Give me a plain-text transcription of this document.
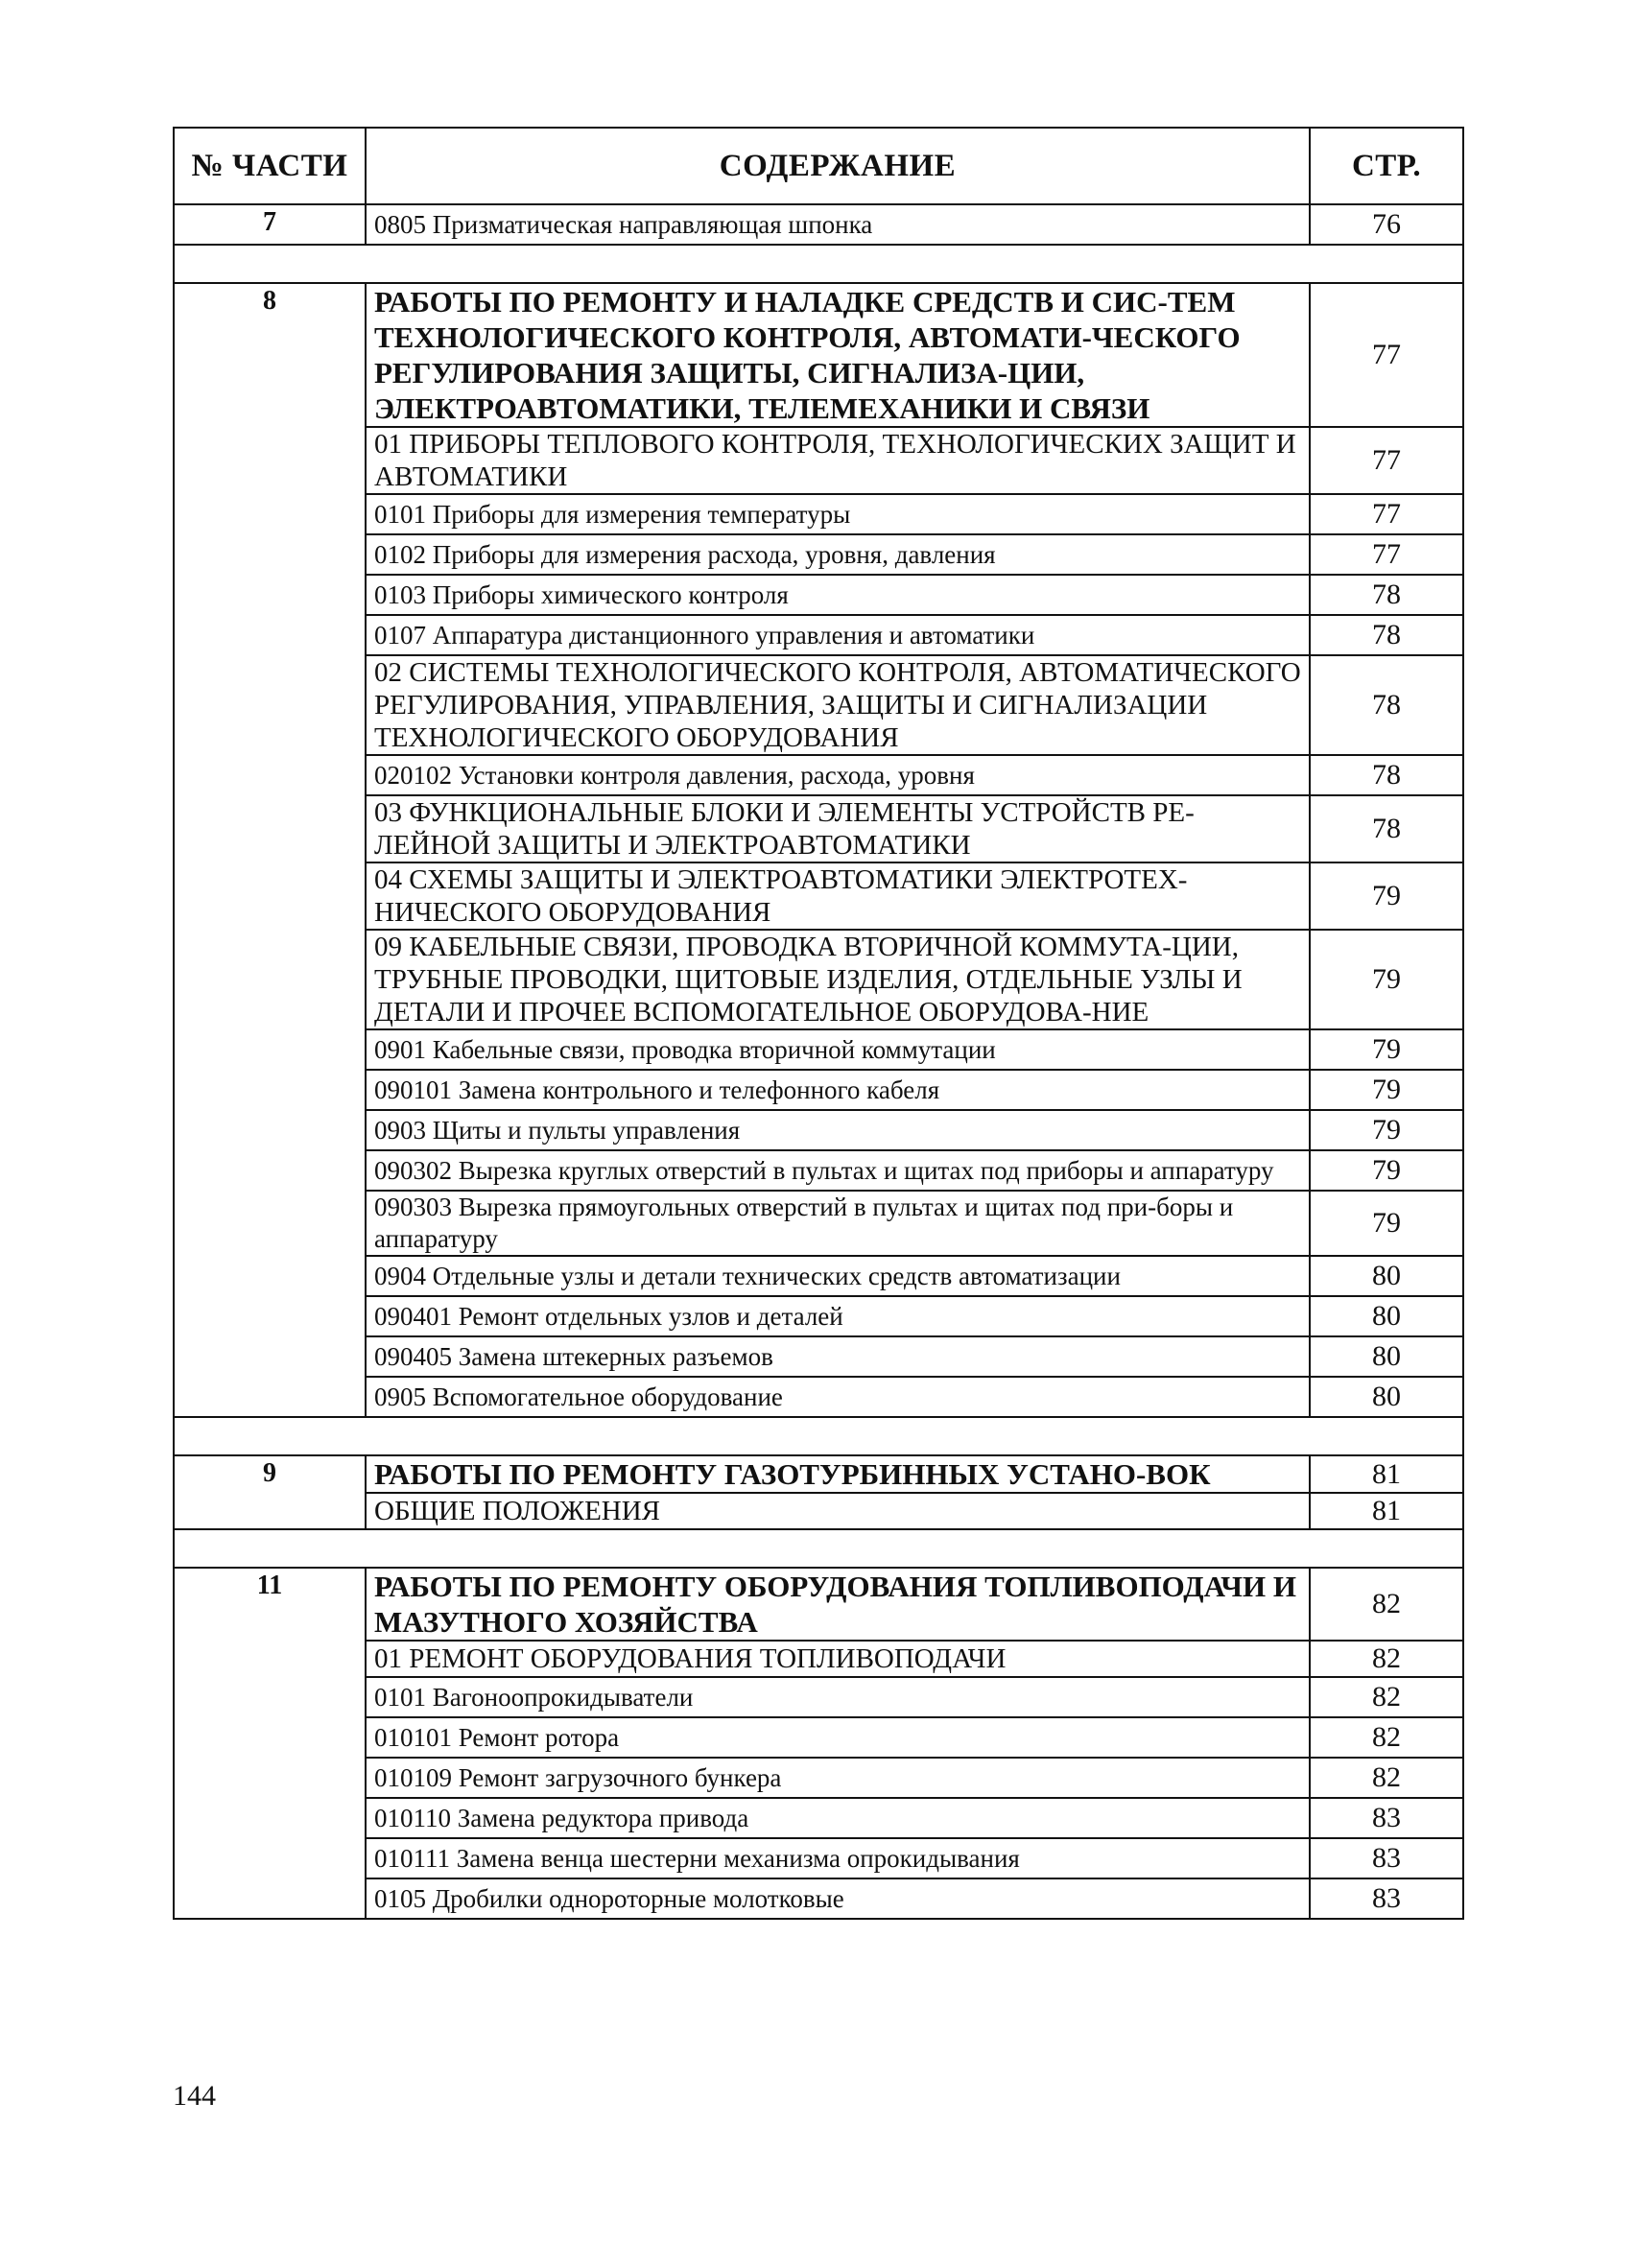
№ ЧАСТИ	СОДЕРЖАНИЕ	СТР.
7	0805 Призматическая направляющая шпонка	76

8	РАБОТЫ ПО РЕМОНТУ И НАЛАДКЕ СРЕДСТВ И СИС-ТЕМ ТЕХНОЛОГИЧЕСКОГО КОНТРОЛЯ, АВТОМАТИ-ЧЕСКОГО РЕГУЛИРОВАНИЯ ЗАЩИТЫ, СИГНАЛИЗА-ЦИИ, ЭЛЕКТРОАВТОМАТИКИ, ТЕЛЕМЕХАНИКИ И СВЯЗИ	77
	01 ПРИБОРЫ ТЕПЛОВОГО КОНТРОЛЯ, ТЕХНОЛОГИЧЕСКИХ ЗАЩИТ И АВТОМАТИКИ	77
	0101 Приборы для измерения температуры	77
	0102 Приборы для измерения расхода, уровня, давления	77
	0103 Приборы химического контроля	78
	0107 Аппаратура дистанционного управления и автоматики	78
	02 СИСТЕМЫ ТЕХНОЛОГИЧЕСКОГО КОНТРОЛЯ, АВТОМАТИЧЕСКОГО РЕГУЛИРОВАНИЯ, УПРАВЛЕНИЯ, ЗАЩИТЫ И СИГНАЛИЗАЦИИ ТЕХНОЛОГИЧЕСКОГО ОБОРУДОВАНИЯ	78
	020102 Установки контроля давления, расхода, уровня	78
	03 ФУНКЦИОНАЛЬНЫЕ БЛОКИ И ЭЛЕМЕНТЫ УСТРОЙСТВ РЕ-ЛЕЙНОЙ ЗАЩИТЫ И ЭЛЕКТРОАВТОМАТИКИ	78
	04 СХЕМЫ ЗАЩИТЫ И ЭЛЕКТРОАВТОМАТИКИ ЭЛЕКТРОТЕХ-НИЧЕСКОГО ОБОРУДОВАНИЯ	79
	09 КАБЕЛЬНЫЕ СВЯЗИ, ПРОВОДКА ВТОРИЧНОЙ КОММУТА-ЦИИ, ТРУБНЫЕ ПРОВОДКИ, ЩИТОВЫЕ ИЗДЕЛИЯ, ОТДЕЛЬНЫЕ УЗЛЫ И ДЕТАЛИ И ПРОЧЕЕ ВСПОМОГАТЕЛЬНОЕ ОБОРУДОВА-НИЕ	79
	0901 Кабельные связи, проводка вторичной коммутации	79
	090101 Замена контрольного и телефонного кабеля	79
	0903 Щиты и пульты управления	79
	090302 Вырезка круглых отверстий в пультах и щитах под приборы и аппаратуру	79
	090303 Вырезка прямоугольных отверстий в пультах и щитах под при-боры и аппаратуру	79
	0904 Отдельные узлы и детали технических средств автоматизации	80
	090401 Ремонт отдельных узлов и деталей	80
	090405 Замена штекерных разъемов	80
	0905 Вспомогательное оборудование	80

9	РАБОТЫ ПО РЕМОНТУ ГАЗОТУРБИННЫХ УСТАНО-ВОК	81
	ОБЩИЕ ПОЛОЖЕНИЯ	81

11	РАБОТЫ ПО РЕМОНТУ ОБОРУДОВАНИЯ ТОПЛИВОПОДАЧИ И МАЗУТНОГО ХОЗЯЙСТВА	82
	01 РЕМОНТ ОБОРУДОВАНИЯ ТОПЛИВОПОДАЧИ	82
	0101 Вагоноопрокидыватели	82
	010101 Ремонт ротора	82
	010109 Ремонт загрузочного бункера	82
	010110 Замена редуктора привода	83
	010111 Замена венца шестерни механизма опрокидывания	83
	0105 Дробилки однороторные молотковые	83
144
